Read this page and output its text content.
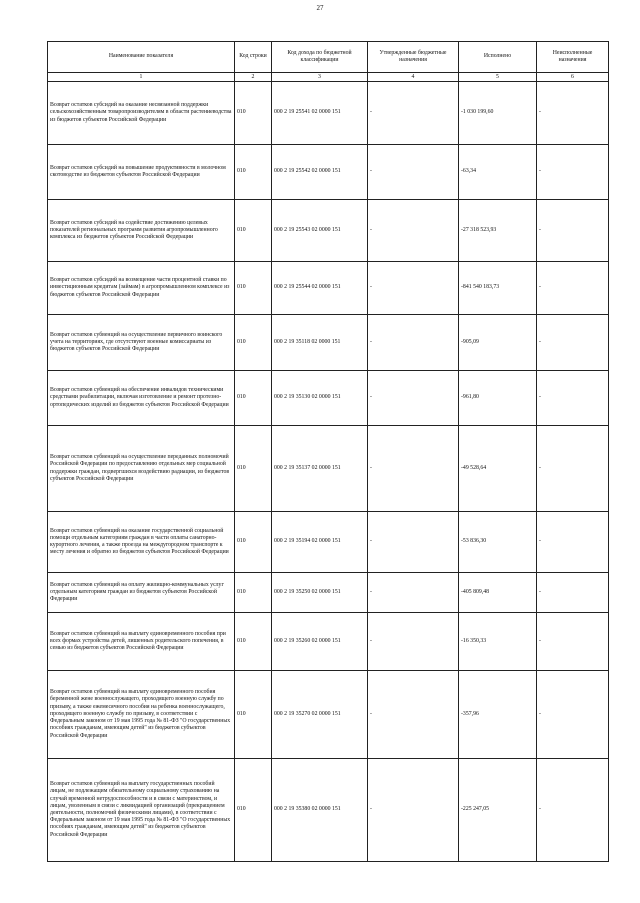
27
Наименование показателя	Код строки	Код дохода по бюджетной классификации	Утвержденные бюджетные назначения	Исполнено	Неисполненные назначения
1	2	3	4	5	6
Возврат остатков субсидий на оказание несвязанной поддержки сельскохозяйственным товаропроизводителям в области растениеводства из бюджетов субъектов Российской Федерации	010	000 2 19 25541 02 0000 151	-	-1 030 199,60	-
Возврат остатков субсидий на повышение продуктивности в молочном скотоводстве из бюджетов субъектов Российской Федерации	010	000 2 19 25542 02 0000 151	-	-63,34	-
Возврат остатков субсидий на содействие достижению целевых показателей региональных программ развития агропромышленного комплекса из бюджетов субъектов Российской Федерации	010	000 2 19 25543 02 0000 151	-	-27 318 523,93	-
Возврат остатков субсидий на возмещение части процентной ставки по инвестиционным кредитам (займам) в агропромышленном комплексе из бюджетов субъектов Российской Федерации	010	000 2 19 25544 02 0000 151	-	-841 540 183,73	-
Возврат остатков субвенций на осуществление первичного воинского учета на территориях, где отсутствуют военные комиссариаты из бюджетов субъектов Российской Федерации	010	000 2 19 35118 02 0000 151	-	-905,09	-
Возврат остатков субвенций на обеспечение инвалидов техническими средствами реабилитации, включая изготовление и ремонт протезно-ортопедических изделий из бюджетов субъектов Российской Федерации	010	000 2 19 35130 02 0000 151	-	-961,80	-
Возврат остатков субвенций на осуществление переданных полномочий Российской Федерации по предоставлению отдельных мер социальной поддержки граждан, подвергшихся воздействию радиации, из бюджетов субъектов Российской Федерации	010	000 2 19 35137 02 0000 151	-	-49 528,64	-
Возврат остатков субвенций на оказание государственной социальной помощи отдельным категориям граждан в части оплаты санаторно-курортного лечения, а также проезда на междугородном транспорте к месту лечения и обратно из бюджетов субъектов Российской Федерации	010	000 2 19 35194 02 0000 151	-	-53 836,30	-
Возврат остатков субвенций на оплату жилищно-коммунальных услуг отдельным категориям граждан из бюджетов субъектов Российской Федерации	010	000 2 19 35250 02 0000 151	-	-405 809,48	-
Возврат остатков субвенций на выплату единовременного пособия при всех формах устройства детей, лишенных родительского попечения, в семью из бюджетов субъектов Российской Федерации	010	000 2 19 35260 02 0000 151	-	-16 350,33	-
Возврат остатков субвенций на выплату единовременного пособия беременной жене военнослужащего, проходящего военную службу по призыву, а также ежемесячного пособия на ребенка военнослужащего, проходящего военную службу по призыву, в соответствии с Федеральным законом от 19 мая 1995 года № 81-ФЗ "О государственных пособиях гражданам, имеющим детей" из бюджетов субъектов Российской Федерации	010	000 2 19 35270 02 0000 151	-	-357,96	-
Возврат остатков субвенций на выплату государственных пособий лицам, не подлежащим обязательному социальному страхованию на случай временной нетрудоспособности и в связи с материнством, и лицам, уволенным в связи с ликвидацией организаций (прекращением деятельности, полномочий физическими лицами), в соответствии с Федеральным законом от 19 мая 1995 года № 81-ФЗ "О государственных пособиях гражданам, имеющим детей" из бюджетов субъектов Российской Федерации	010	000 2 19 35380 02 0000 151	-	-225 247,05	-
